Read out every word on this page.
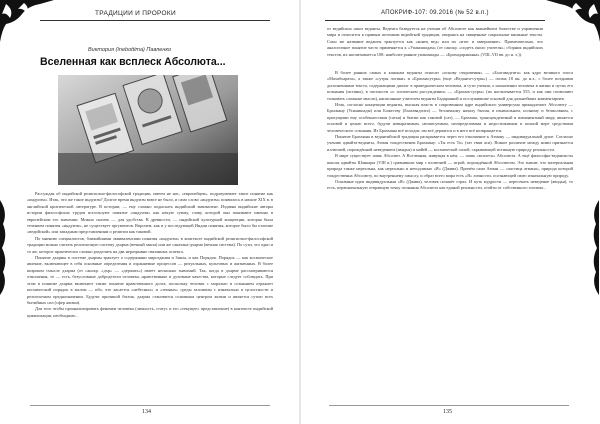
ТРАДИЦИИ И ПРОРОКИ
Виктория (Inebottima) Павленко
Вселенная как всплеск Абсолюта...

Рассуждая об индийской религиозно-философской традиции, имеем не нас, «европейцев», подразумевает такое понятие как «индуизм». Итак, что же такое индуизм? Долгое время индуизм вовсе не было, и само слово «индуизм» появилось в начале XIX в. в английской критической литературе. В истории, — ему сложно подыскать индийский эквивалент. Издавна индийские авторы истории философских трудов используют понятие «индуизм» как некую сумму, славу, которой они понимают именно в европейском его значении. Можно сказать — для удобства. В древности, — индийской культурной концепции, которая была течением понятия «индуизм», не существует аргументов. Впрочем, как и у последующей Индии понятия, которое было бы отличие «ведийской» или западным представлениям о религии как таковой.

По мнению специалистов, ближайшими эквивалентами понятия «индуизм» в контексте индийской религиозно-философской традиции можно считать религиозную систему дхарма (вечный закон) или же санатана-дхарма (вечная система). По сути, это одно и то же, которое практически сложно разделить на два неразрывно связанных аспекта.

Понятие дхармы в системе дхармы трактует о содержании мироздания и Закон, и как Порядок. Порядок — как космическое явление, включающее в себя основные определения и охраняемые процессов — ритуальных, культовых и жизненных. В более широком смысле дхарма (от санскр. «дхр» — «держать») имеет несколько значений. Так, когда в дхарме рассматриваются отношения, то — есть, безусловные добродетели человека, нравственные и духовные качества, которые следует соблюдать. При этом в понятие дхарма включают также понятие нравственного долга, поскольку человек с моралью и сознанием отражает космический порядок в малом — ибо, что касается «небесных» и «земных» среды заложены с изначально в целостности и религиозном предназначении. Будучи причиной бытия, дхарма становится основным центром жизни и является сутью всех бытийных сил (сфер жизни).

Для того чтобы проанализировать феномен человека (личность, статус и его «текущее» представление) в контексте индийской цивилизации, необходимо...

134
АПОКРИФ-107: 09.2016 (№ 52 в.п.)

от ведийских школ веданты. Ведента базируется на учении об Абсолюте как важнейшем божестве и управлении мира и относится к прямым потомкам ведийской традиции, опираясь на священные сакральные книжные тексты. Само же название веданты трактуется как «конец вед» или их «итог и завершение». Примечательно, что аналогичное понятие часто применяется к «Упанишадам» (от санскр. «сидеть около учителя»; сборник индийских текстов, их насчитывается 108; наиболее ранние упанишады — «Брихадараньяка» (VIII–VII вв. до н. э.)).

В более ранних самых к канонам веданты относят «основу откровения» — «Бхагавадгита» как ядро великого эпоса «Махабхарата», а также «сутры логики» и «Брахмасутры» (еще «Веданта-сутры») — поэма 18 кн. до н.э., с более поздними дополнениями текста, содержащими диалог в праведническом человека, и сути учения, о назначении человека в жизни и путях его познания (истины), в частности «о логическом рассуждении» — «Брахма-сутры» (их насчитывается 555, и как они позволяют толковать сложные мысли), написанные учителем веданты Бадараяной и послужившие основой для дальнейших комментариев.

Итак, согласно концепции веданты, высшая власть в сокровенном ядре индийского универсума принадлежит Абсолюту — Брахману (Упанишады) или Божеству (Бхагавадгита) — безличному началу бытия, в изначальном, полному и безмолвном, с присущими ему особенностями (сатья) и бытии как таковой (сат), — Брахман, трансцендентный и имманентный миру, является основой и целью всего, будучи невыразимым, неописуемым, неопределимым и недостижимым в полной мере средствами человеческого сознания. Из Брахмана всё исходит, им всё держится и в него всё возвращается.

Понятие Брахмана в ведантийской традиции раскрывается через его отношение к Атману — индивидуальной душе. Согласно учению адвайта-веданты, Атман тождественен Брахману: «Ты есть То» (тат твам аси). Всякое различие между ними признается иллюзией, порождённой неведением (авидья) и майей — космической силой, скрывающей истинную природу реальности.

В мире существует лишь Абсолют. А Вселенная, живущая в нём, — лишь «всплеск» Абсолюта. А ещё философы-ведантисты школы адвайты Шанкары (VIII в.) сравнивали мир с иллюзией — игрой, порождённой Абсолютом. Это значит, что материальная природа также нереальна, как нереально и неподлинно «Я» (Джива). Причём сама Атман — «частица атмана», природа которой тождественна Абсолюту, по внутреннему смыслу, и образ всего мира есть «Я» личности, осознающей свою изначальную природу.

Основные идеи индивидуальная «Я» (Джива), человек познаёт страх. И путь мудрости — пересекать неведение (авидья), то есть, первоначальную отправную точку познания Абсолюта как единой реальности, отойти от собственного эгоизма...

135
